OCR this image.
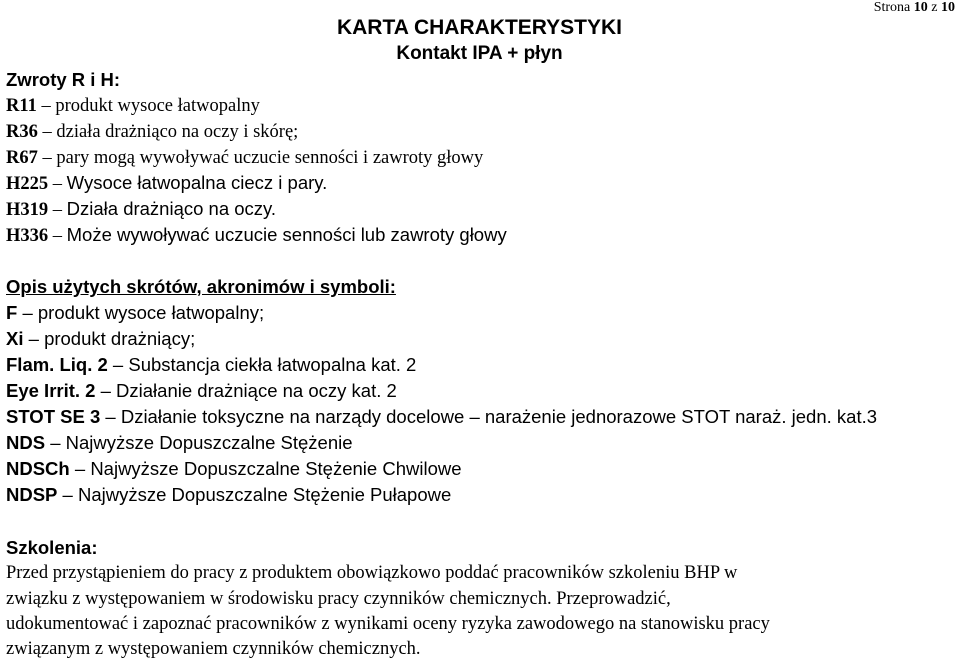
Strona 10 z 10
KARTA CHARAKTERYSTYKI
Kontakt IPA + płyn
Zwroty R i H:
R11 – produkt wysoce łatwopalny
R36 – działa drażniąco na oczy i skórę;
R67 – pary mogą wywoływać uczucie senności i zawroty głowy
H225 – Wysoce łatwopalna ciecz i pary.
H319 – Działa drażniąco na oczy.
H336 – Może wywoływać uczucie senności lub zawroty głowy
Opis użytych skrótów, akronimów i symboli:
F – produkt wysoce łatwopalny;
Xi – produkt drażniący;
Flam. Liq. 2 – Substancja ciekła łatwopalna kat. 2
Eye Irrit. 2 – Działanie drażniące na oczy kat. 2
STOT SE 3 – Działanie toksyczne na narządy docelowe – narażenie jednorazowe STOT naraż. jedn. kat.3
NDS – Najwyższe Dopuszczalne Stężenie
NDSCh – Najwyższe Dopuszczalne Stężenie Chwilowe
NDSP – Najwyższe Dopuszczalne Stężenie Pułapowe
Szkolenia:
Przed przystąpieniem do pracy z produktem obowiązkowo poddać pracowników szkoleniu BHP w
związku z występowaniem w środowisku pracy czynników chemicznych. Przeprowadzić,
udokumentować i zapoznać pracowników z wynikami oceny ryzyka zawodowego na stanowisku pracy
związanym z występowaniem czynników chemicznych.
